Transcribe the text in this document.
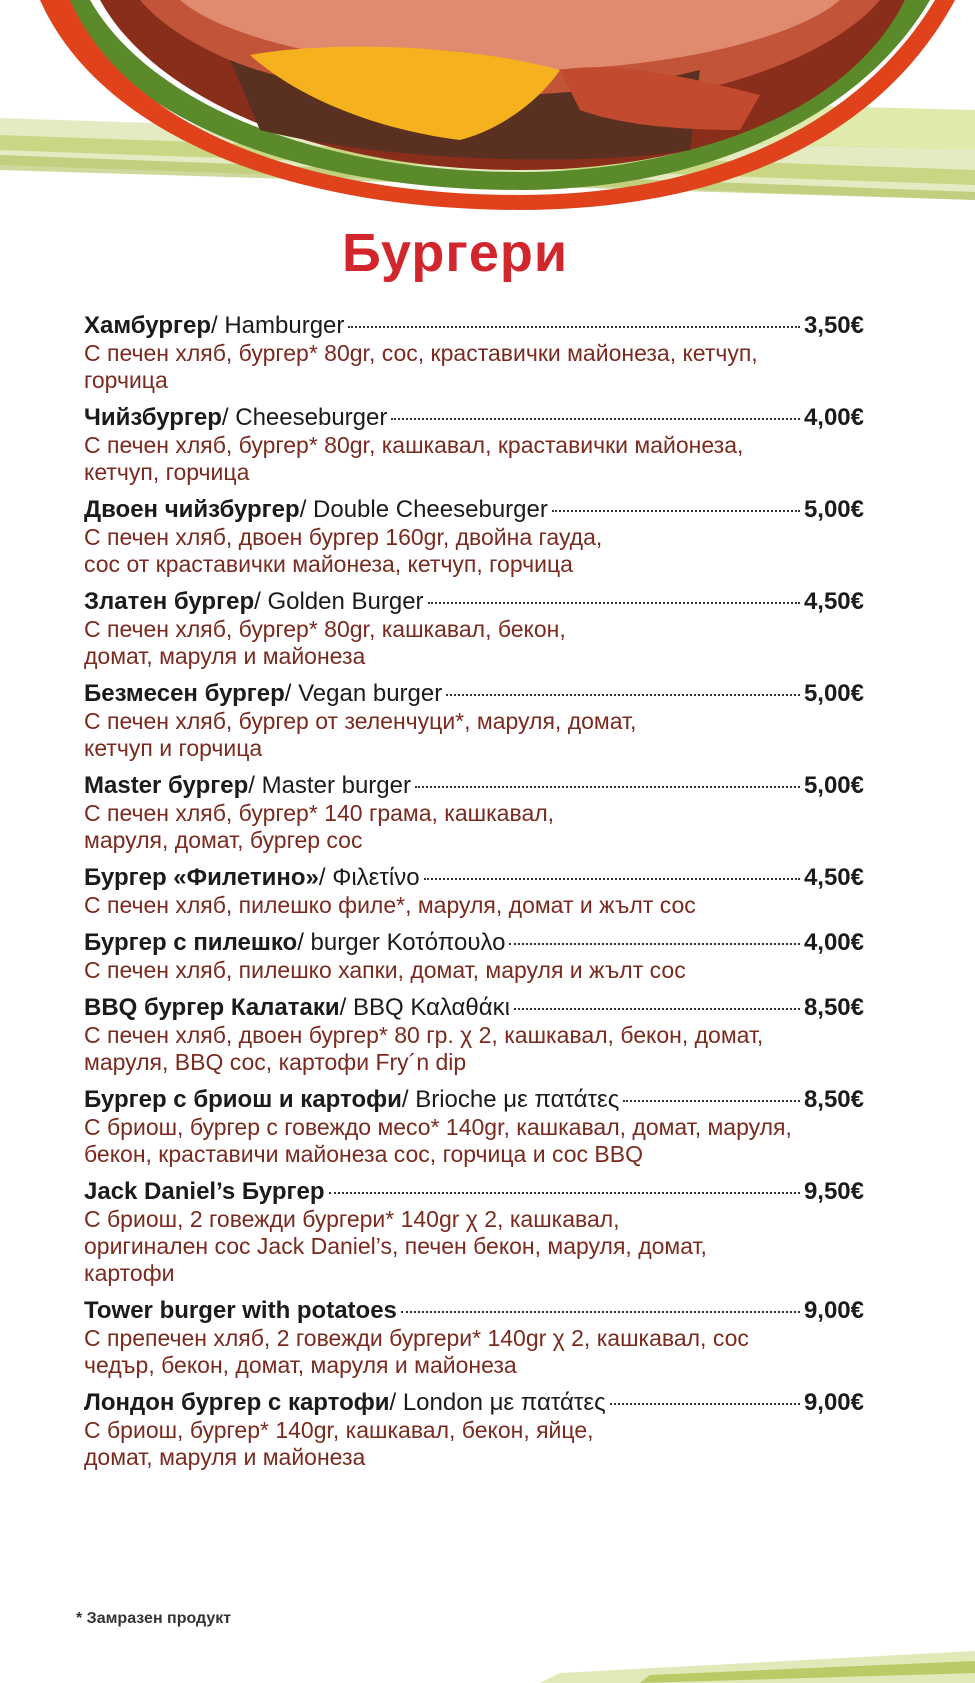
Бургери
Хамбургер / Hamburger	3,50€
С печен хляб, бургер* 80gr, сос, краставички майонеза, кетчуп,
горчица
Чийзбургер / Cheeseburger	4,00€
С печен хляб, бургер* 80gr, кашкавал, краставички майонеза,
кетчуп, горчица
Двоен чийзбургер / Double Cheeseburger	5,00€
С печен хляб, двоен бургер 160gr, двойна гауда,
сос от краставички майонеза, кетчуп, горчица
Златен бургер / Golden Burger	4,50€
С печен хляб, бургер* 80gr, кашкавал, бекон,
домат, маруля и майонеза
Безмесен бургер / Vegan burger	5,00€
С печен хляб, бургер от зеленчуци*, маруля, домат,
кетчуп и горчица
Master бургер / Master burger	5,00€
С печен хляб, бургер* 140 грама, кашкавал,
маруля, домат, бургер сос
Бургер «Филетино» / Φιλετίνο	4,50€
С печен хляб, пилешко филе*, маруля, домат и жълт сос
Бургер с пилешко / burger Κοτόπουλο	4,00€
С печен хляб, пилешко хапки, домат, маруля и жълт сос
BBQ бургер Калатаки / BBQ Καλαθάκι	8,50€
С печен хляб, двоен бургер* 80 гр. χ 2, кашкавал, бекон, домат,
маруля, BBQ сос, картофи Fry´n dip
Бургер с бриош и картофи / Brioche με πατάτες	8,50€
С бриош, бургер с говеждо месо* 140gr, кашкавал, домат, маруля,
бекон, краставичи майонеза сос, горчица и сос BBQ
Jack Daniel’s Бургер	9,50€
С бриош, 2 говежди бургери* 140gr χ 2, кашкавал,
оригинален сос Jack Daniel’s, печен бекон, маруля, домат,
картофи
Tower burger with potatoes	9,00€
С препечен хляб, 2 говежди бургери* 140gr χ 2, кашкавал, сос
чедър, бекон, домат, маруля и майонеза
Лондон бургер с картофи / London με πατάτες	9,00€
С бриош, бургер* 140gr, кашкавал, бекон, яйце,
домат, маруля и майонеза
* Замразен продукт
